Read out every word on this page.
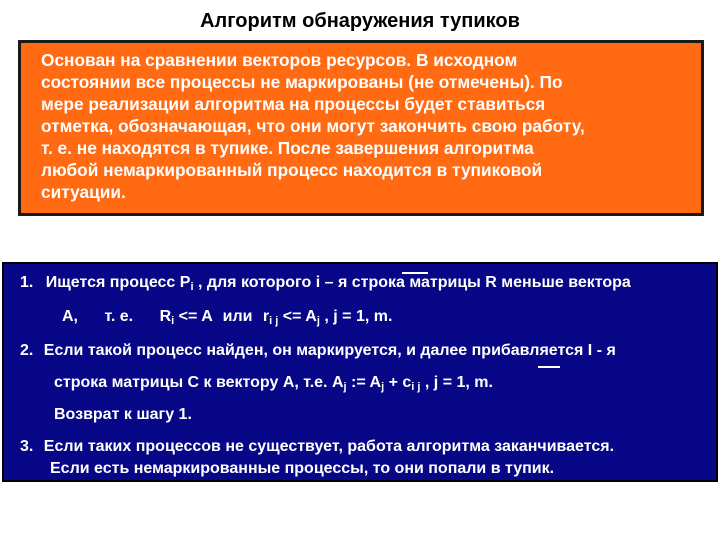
Алгоритм обнаружения тупиков
Основан на сравнении векторов ресурсов. В исходном
состоянии все процессы не маркированы (не отмечены). По
мере реализации алгоритма на процессы будет ставиться
отметка, обозначающая, что они могут закончить свою работу,
т. е. не находятся в тупике. После завершения алгоритма
любой немаркированный процесс находится в тупиковой
ситуации.
1. Ищется процесс $P_i$ , для которого i – я строка матрицы R меньше вектора
A, т. е. $R_i <= A$ или $r_{i j} <= A_j$ , j = 1, m.
2. Если такой процесс найден, он маркируется, и далее прибавляется I - я
строка матрицы C к вектору A, т.е. $A_j$ := $A_j + c_{i j}$ , j = 1, m.
Возврат к шагу 1.
3. Если таких процессов не существует, работа алгоритма заканчивается.
Если есть немаркированные процессы, то они попали в тупик.
